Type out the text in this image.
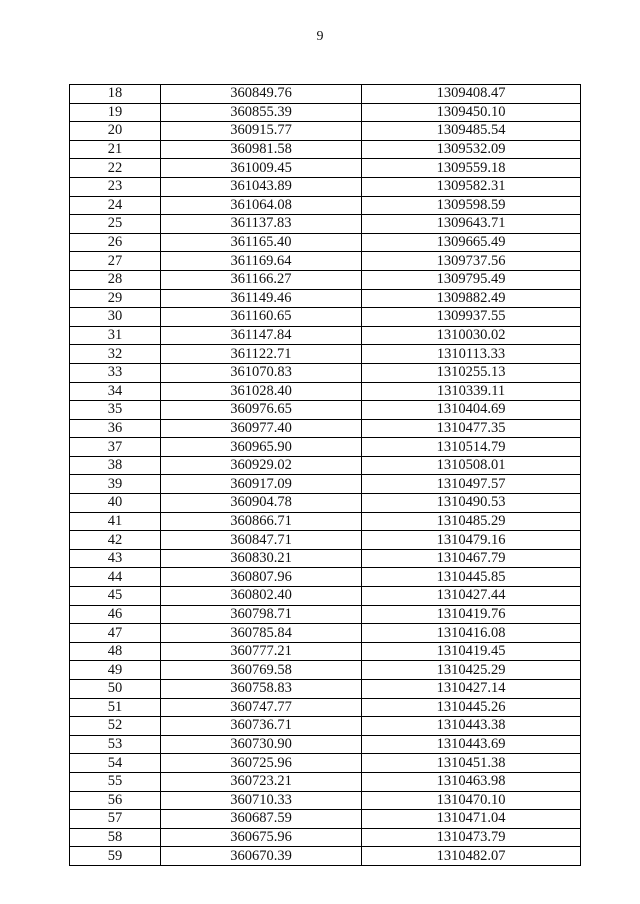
9
18	360849.76	1309408.47
19	360855.39	1309450.10
20	360915.77	1309485.54
21	360981.58	1309532.09
22	361009.45	1309559.18
23	361043.89	1309582.31
24	361064.08	1309598.59
25	361137.83	1309643.71
26	361165.40	1309665.49
27	361169.64	1309737.56
28	361166.27	1309795.49
29	361149.46	1309882.49
30	361160.65	1309937.55
31	361147.84	1310030.02
32	361122.71	1310113.33
33	361070.83	1310255.13
34	361028.40	1310339.11
35	360976.65	1310404.69
36	360977.40	1310477.35
37	360965.90	1310514.79
38	360929.02	1310508.01
39	360917.09	1310497.57
40	360904.78	1310490.53
41	360866.71	1310485.29
42	360847.71	1310479.16
43	360830.21	1310467.79
44	360807.96	1310445.85
45	360802.40	1310427.44
46	360798.71	1310419.76
47	360785.84	1310416.08
48	360777.21	1310419.45
49	360769.58	1310425.29
50	360758.83	1310427.14
51	360747.77	1310445.26
52	360736.71	1310443.38
53	360730.90	1310443.69
54	360725.96	1310451.38
55	360723.21	1310463.98
56	360710.33	1310470.10
57	360687.59	1310471.04
58	360675.96	1310473.79
59	360670.39	1310482.07
